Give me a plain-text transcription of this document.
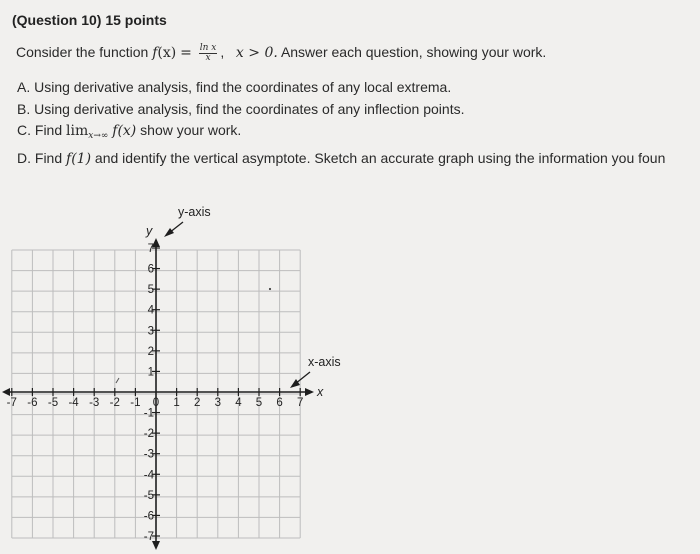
(Question 10) 15 points
Consider the function $f(x) = \frac{\text{ln x}}{x}$ , x > 0. Answer each question, showing your work.
A. Using derivative analysis, find the coordinates of any local extrema.
B. Using derivative analysis, find the coordinates of any inflection points.
C. Find $\lim_{x\to\infty} f(x)$ show your work.
D. Find f(1) and identify the vertical asymptote. Sketch an accurate graph using the information you foun
-7 -6 -5 -4 -3 -2 -1 0 1 2 3 4 5 6 7
7
6
5
4
3
2
1
-1
-2
-3
-4
-5
-6
-7
y-axis
y
x-axis
x
